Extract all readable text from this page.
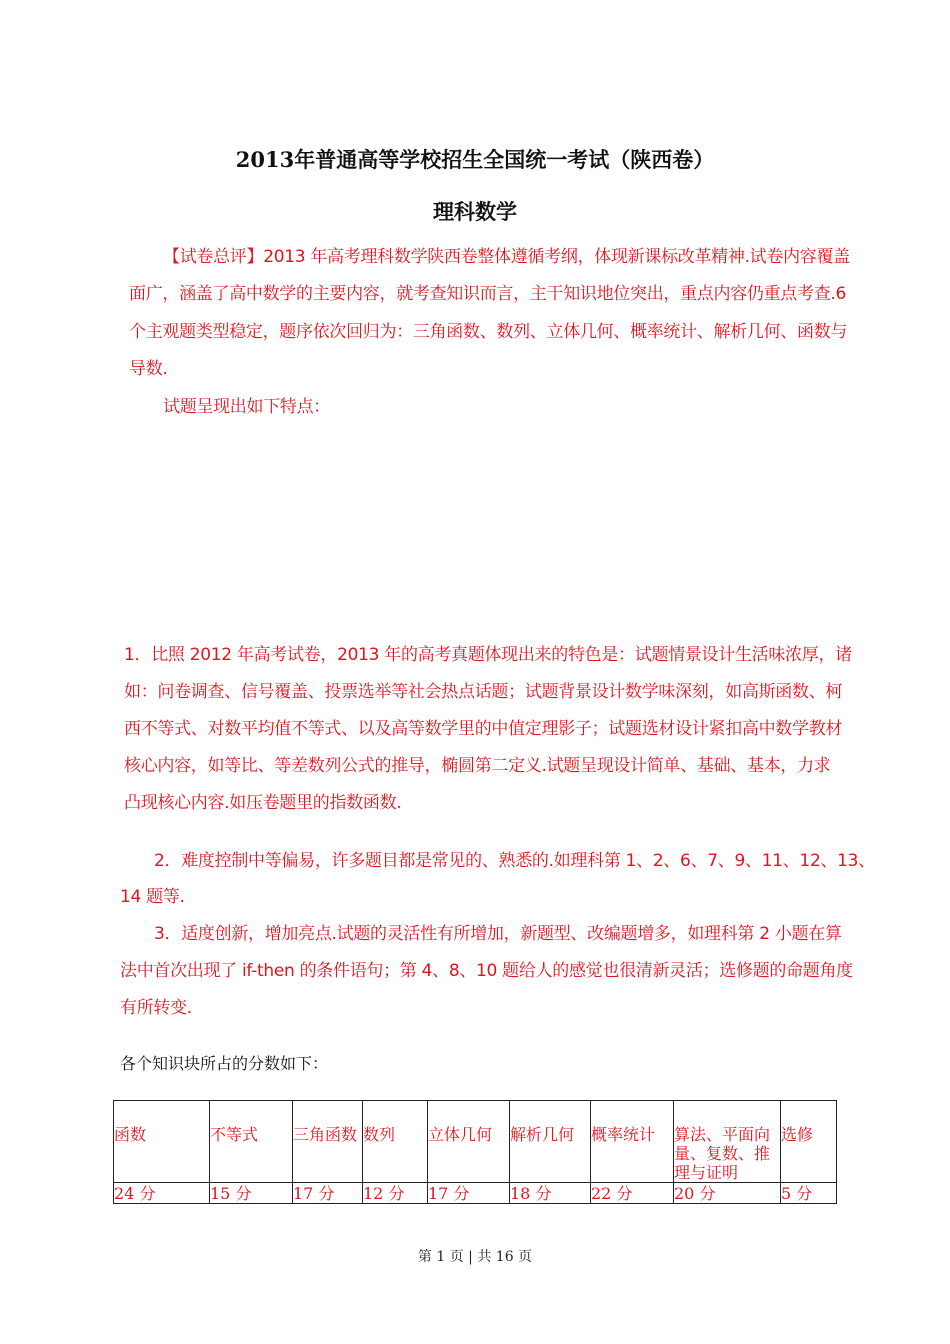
2013年普通高等学校招生全国统一考试（陕西卷）
理科数学
【试卷总评】2013 年高考理科数学陕西卷整体遵循考纲，体现新课标改革精神.试卷内容覆盖
面广，涵盖了高中数学的主要内容，就考查知识而言，主干知识地位突出，重点内容仍重点考查.6
个主观题类型稳定，题序依次回归为：三角函数、数列、立体几何、概率统计、解析几何、函数与
导数.
试题呈现出如下特点：
1．比照 2012 年高考试卷，2013 年的高考真题体现出来的特色是：试题情景设计生活味浓厚，诸
如：问卷调查、信号覆盖、投票选举等社会热点话题；试题背景设计数学味深刻，如高斯函数、柯
西不等式、对数平均值不等式、以及高等数学里的中值定理影子；试题选材设计紧扣高中数学教材
核心内容，如等比、等差数列公式的推导，椭圆第二定义.试题呈现设计简单、基础、基本，力求
凸现核心内容.如压卷题里的指数函数.
2．难度控制中等偏易，许多题目都是常见的、熟悉的.如理科第 1、2、6、7、9、11、12、13、
14 题等.
3．适度创新，增加亮点.试题的灵活性有所增加，新题型、改编题增多，如理科第 2 小题在算
法中首次出现了 if-then 的条件语句；第 4、8、10 题给人的感觉也很清新灵活；选修题的命题角度
有所转变.
各个知识块所占的分数如下：
函数	不等式	三角函数	数列	立体几何	解析几何	概率统计	算法、平面向量、复数、推理与证明	选修
24 分	15 分	17 分	12 分	17 分	18 分	22 分	20 分	5 分
第 1 页 | 共 16 页
